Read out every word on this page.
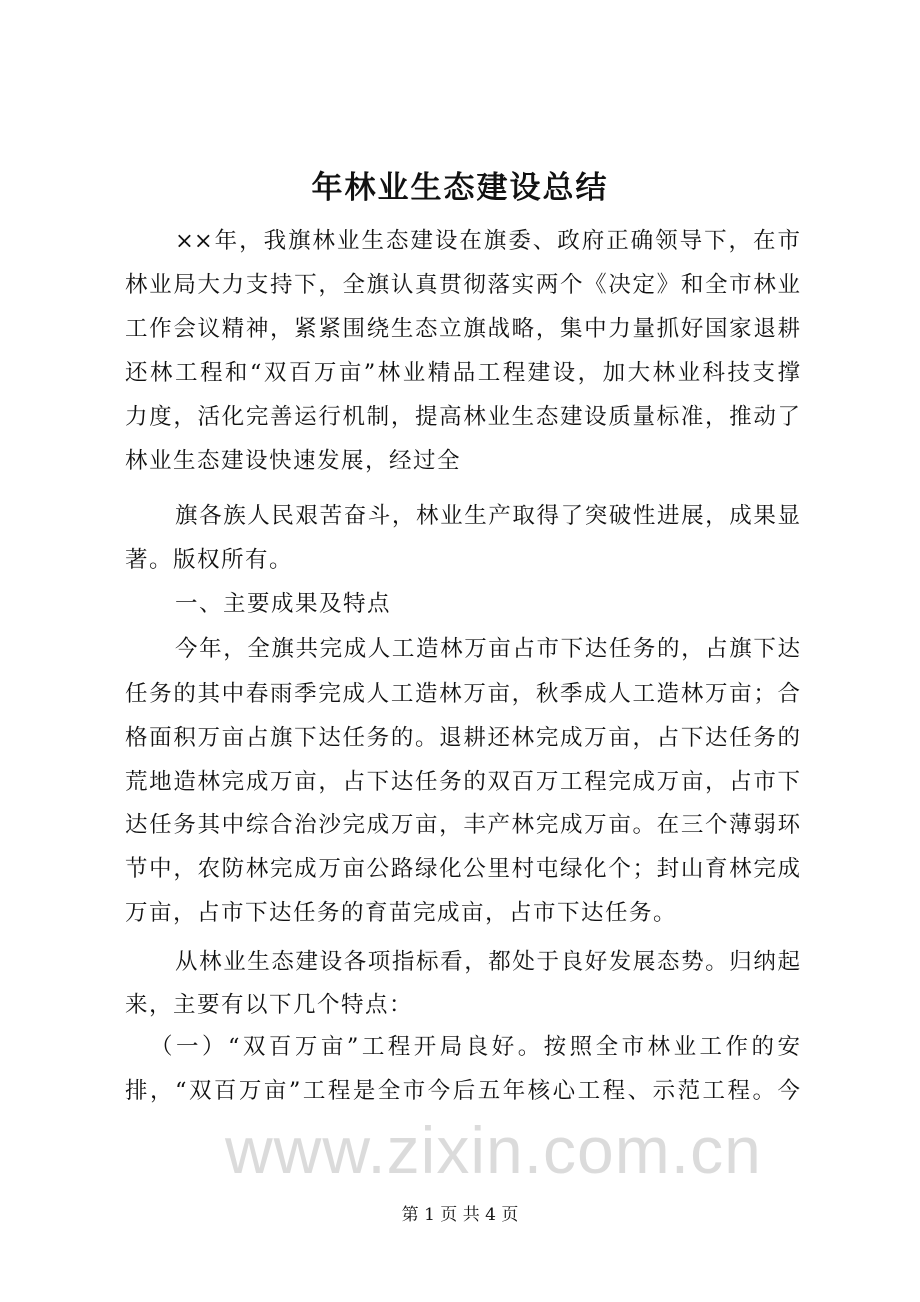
年林业生态建设总结
××年，我旗林业生态建设在旗委、政府正确领导下，在市
林业局大力支持下，全旗认真贯彻落实两个《决定》和全市林业
工作会议精神，紧紧围绕生态立旗战略，集中力量抓好国家退耕
还林工程和“双百万亩”林业精品工程建设，加大林业科技支撑
力度，活化完善运行机制，提高林业生态建设质量标准，推动了
林业生态建设快速发展，经过全
旗各族人民艰苦奋斗，林业生产取得了突破性进展，成果显
著。版权所有。
一、主要成果及特点
今年，全旗共完成人工造林万亩占市下达任务的，占旗下达
任务的其中春雨季完成人工造林万亩，秋季成人工造林万亩；合
格面积万亩占旗下达任务的。退耕还林完成万亩，占下达任务的
荒地造林完成万亩，占下达任务的双百万工程完成万亩，占市下
达任务其中综合治沙完成万亩，丰产林完成万亩。在三个薄弱环
节中，农防林完成万亩公路绿化公里村屯绿化个；封山育林完成
万亩，占市下达任务的育苗完成亩，占市下达任务。
从林业生态建设各项指标看，都处于良好发展态势。归纳起
来，主要有以下几个特点：
（一）“双百万亩”工程开局良好。按照全市林业工作的安
排，“双百万亩”工程是全市今后五年核心工程、示范工程。今
www.zixin.com.cn
第 1 页 共 4 页
